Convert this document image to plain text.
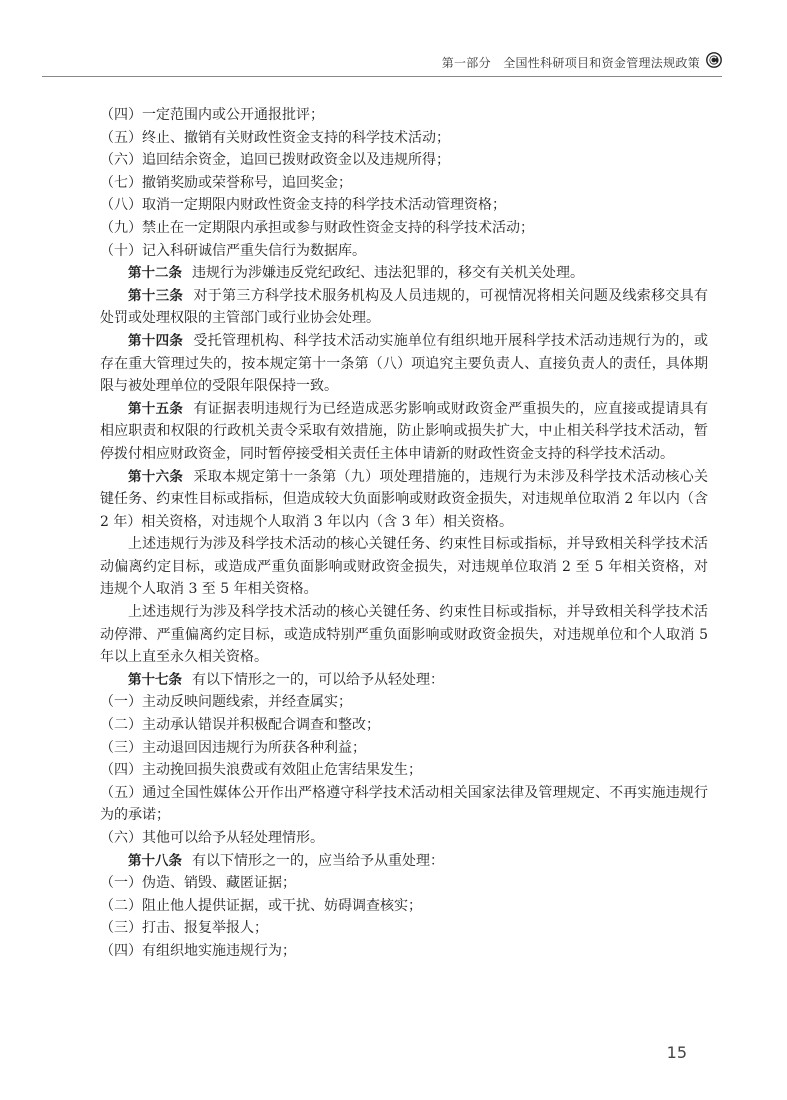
第一部分　全国性科研项目和资金管理法规政策

（四）一定范围内或公开通报批评；

（五）终止、撤销有关财政性资金支持的科学技术活动；

（六）追回结余资金，追回已拨财政资金以及违规所得；

（七）撤销奖励或荣誉称号，追回奖金；

（八）取消一定期限内财政性资金支持的科学技术活动管理资格；

（九）禁止在一定期限内承担或参与财政性资金支持的科学技术活动；

（十）记入科研诚信严重失信行为数据库。

第十二条 违规行为涉嫌违反党纪政纪、违法犯罪的，移交有关机关处理。

第十三条 对于第三方科学技术服务机构及人员违规的，可视情况将相关问题及线索移交具有处罚或处理权限的主管部门或行业协会处理。

第十四条 受托管理机构、科学技术活动实施单位有组织地开展科学技术活动违规行为的，或存在重大管理过失的，按本规定第十一条第（八）项追究主要负责人、直接负责人的责任，具体期限与被处理单位的受限年限保持一致。

第十五条 有证据表明违规行为已经造成恶劣影响或财政资金严重损失的，应直接或提请具有相应职责和权限的行政机关责令采取有效措施，防止影响或损失扩大，中止相关科学技术活动，暂停拨付相应财政资金，同时暂停接受相关责任主体申请新的财政性资金支持的科学技术活动。

第十六条 采取本规定第十一条第（九）项处理措施的，违规行为未涉及科学技术活动核心关键任务、约束性目标或指标，但造成较大负面影响或财政资金损失，对违规单位取消 2 年以内（含 2 年）相关资格，对违规个人取消 3 年以内（含 3 年）相关资格。

上述违规行为涉及科学技术活动的核心关键任务、约束性目标或指标，并导致相关科学技术活动偏离约定目标，或造成严重负面影响或财政资金损失，对违规单位取消 2 至 5 年相关资格，对违规个人取消 3 至 5 年相关资格。

上述违规行为涉及科学技术活动的核心关键任务、约束性目标或指标，并导致相关科学技术活动停滞、严重偏离约定目标，或造成特别严重负面影响或财政资金损失，对违规单位和个人取消 5 年以上直至永久相关资格。

第十七条 有以下情形之一的，可以给予从轻处理：

（一）主动反映问题线索，并经查属实；

（二）主动承认错误并积极配合调查和整改；

（三）主动退回因违规行为所获各种利益；

（四）主动挽回损失浪费或有效阻止危害结果发生；

（五）通过全国性媒体公开作出严格遵守科学技术活动相关国家法律及管理规定、不再实施违规行为的承诺；

（六）其他可以给予从轻处理情形。

第十八条 有以下情形之一的，应当给予从重处理：

（一）伪造、销毁、藏匿证据；

（二）阻止他人提供证据，或干扰、妨碍调查核实；

（三）打击、报复举报人；

（四）有组织地实施违规行为；

15
